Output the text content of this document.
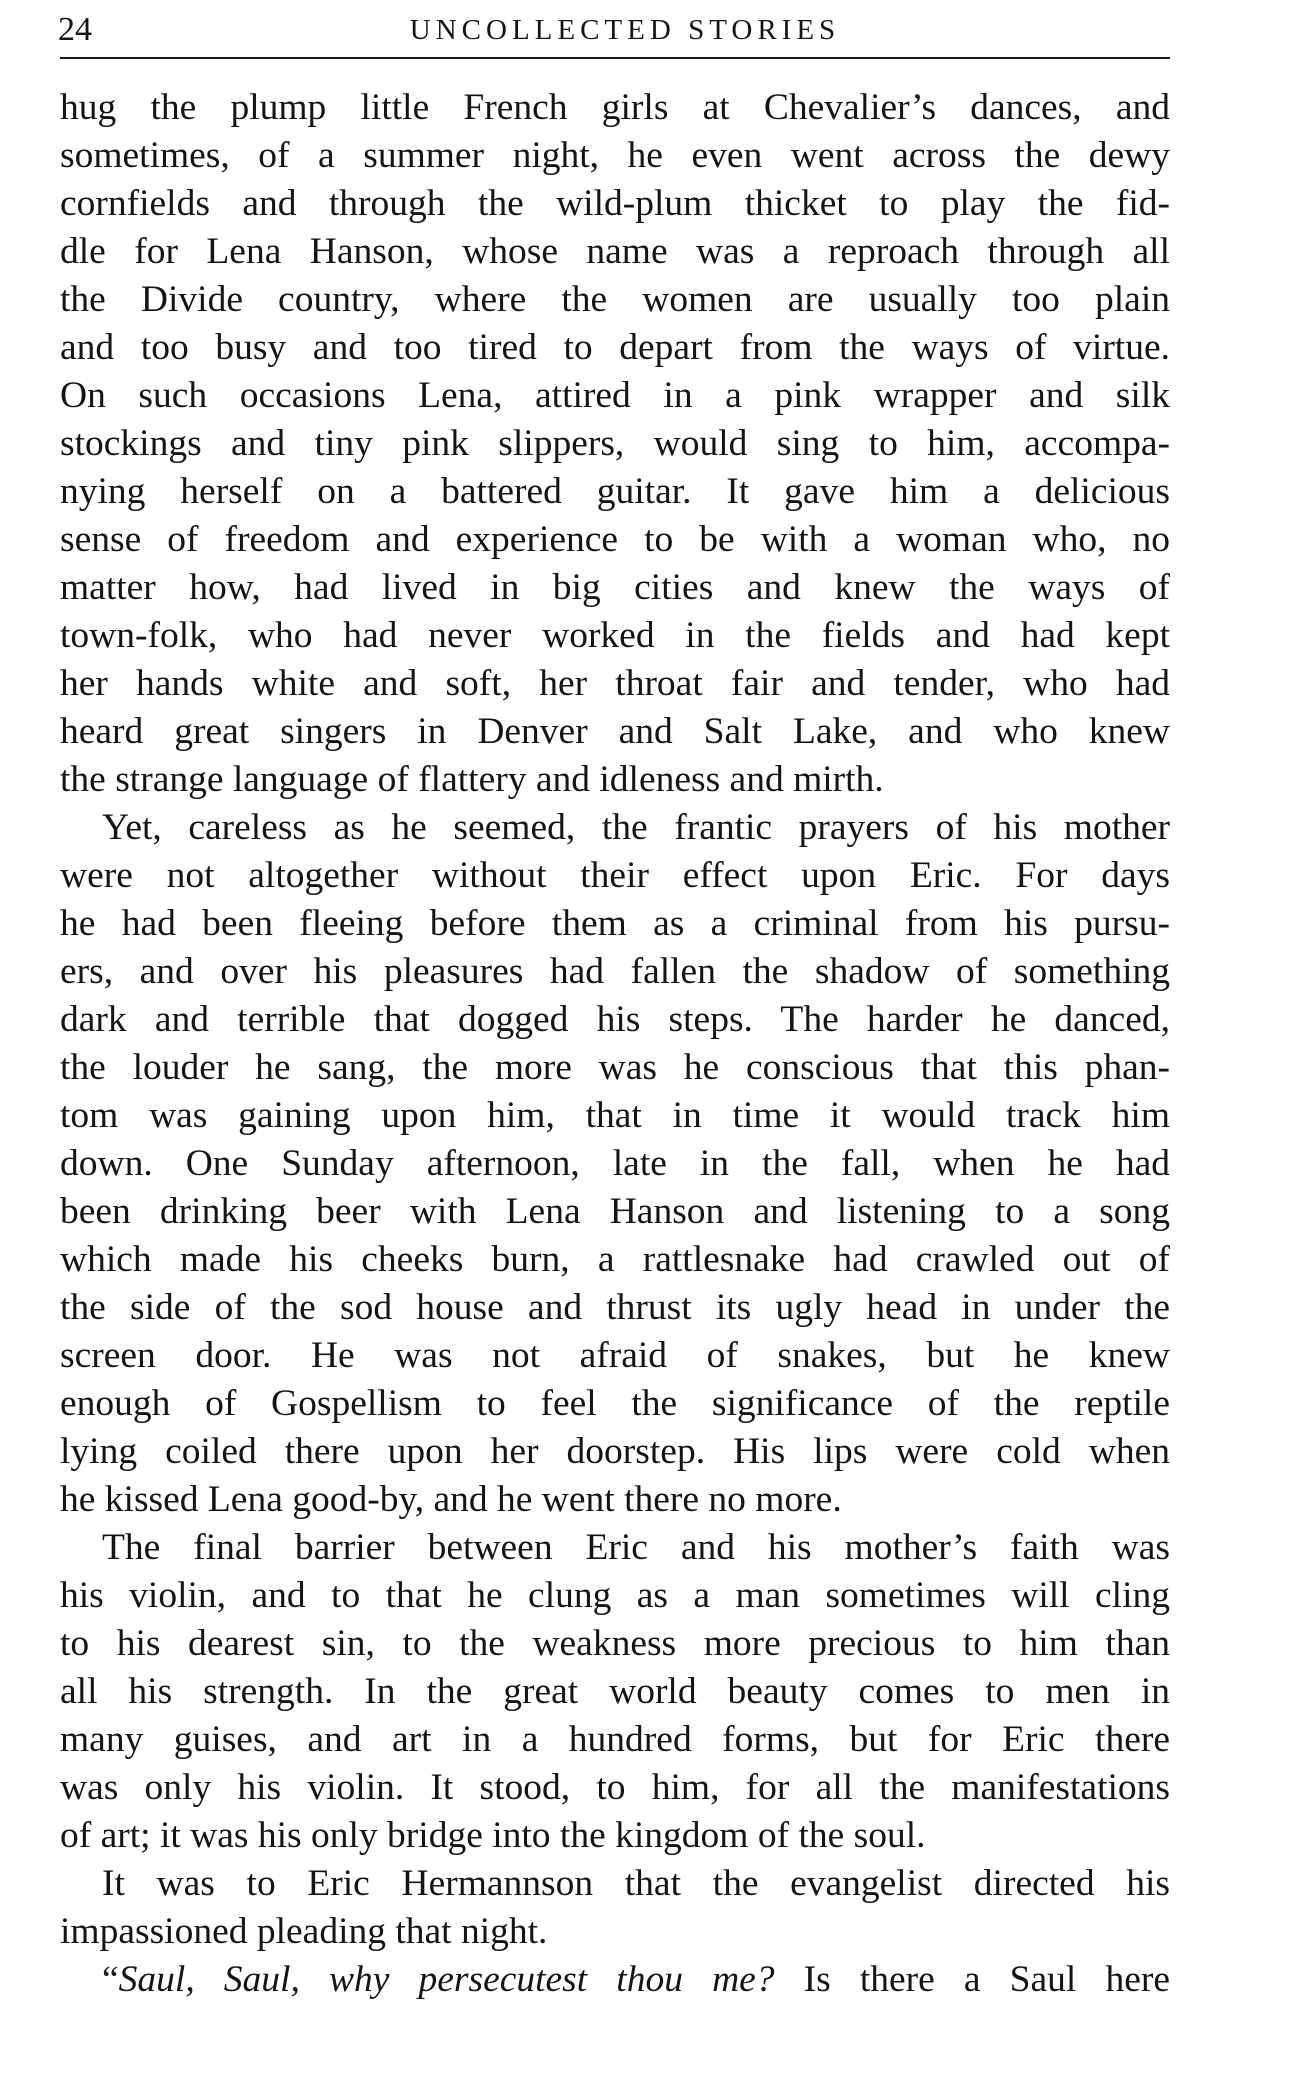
24	UNCOLLECTED STORIES
hug the plump little French girls at Chevalier’s dances, and
sometimes, of a summer night, he even went across the dewy
cornfields and through the wild-plum thicket to play the fid-
dle for Lena Hanson, whose name was a reproach through all
the Divide country, where the women are usually too plain
and too busy and too tired to depart from the ways of virtue.
On such occasions Lena, attired in a pink wrapper and silk
stockings and tiny pink slippers, would sing to him, accompa-
nying herself on a battered guitar. It gave him a delicious
sense of freedom and experience to be with a woman who, no
matter how, had lived in big cities and knew the ways of
town-folk, who had never worked in the fields and had kept
her hands white and soft, her throat fair and tender, who had
heard great singers in Denver and Salt Lake, and who knew
the strange language of flattery and idleness and mirth.
Yet, careless as he seemed, the frantic prayers of his mother
were not altogether without their effect upon Eric. For days
he had been fleeing before them as a criminal from his pursu-
ers, and over his pleasures had fallen the shadow of something
dark and terrible that dogged his steps. The harder he danced,
the louder he sang, the more was he conscious that this phan-
tom was gaining upon him, that in time it would track him
down. One Sunday afternoon, late in the fall, when he had
been drinking beer with Lena Hanson and listening to a song
which made his cheeks burn, a rattlesnake had crawled out of
the side of the sod house and thrust its ugly head in under the
screen door. He was not afraid of snakes, but he knew
enough of Gospellism to feel the significance of the reptile
lying coiled there upon her doorstep. His lips were cold when
he kissed Lena good-by, and he went there no more.
The final barrier between Eric and his mother’s faith was
his violin, and to that he clung as a man sometimes will cling
to his dearest sin, to the weakness more precious to him than
all his strength. In the great world beauty comes to men in
many guises, and art in a hundred forms, but for Eric there
was only his violin. It stood, to him, for all the manifestations
of art; it was his only bridge into the kingdom of the soul.
It was to Eric Hermannson that the evangelist directed his
impassioned pleading that night.
“Saul, Saul, why persecutest thou me? Is there a Saul here
